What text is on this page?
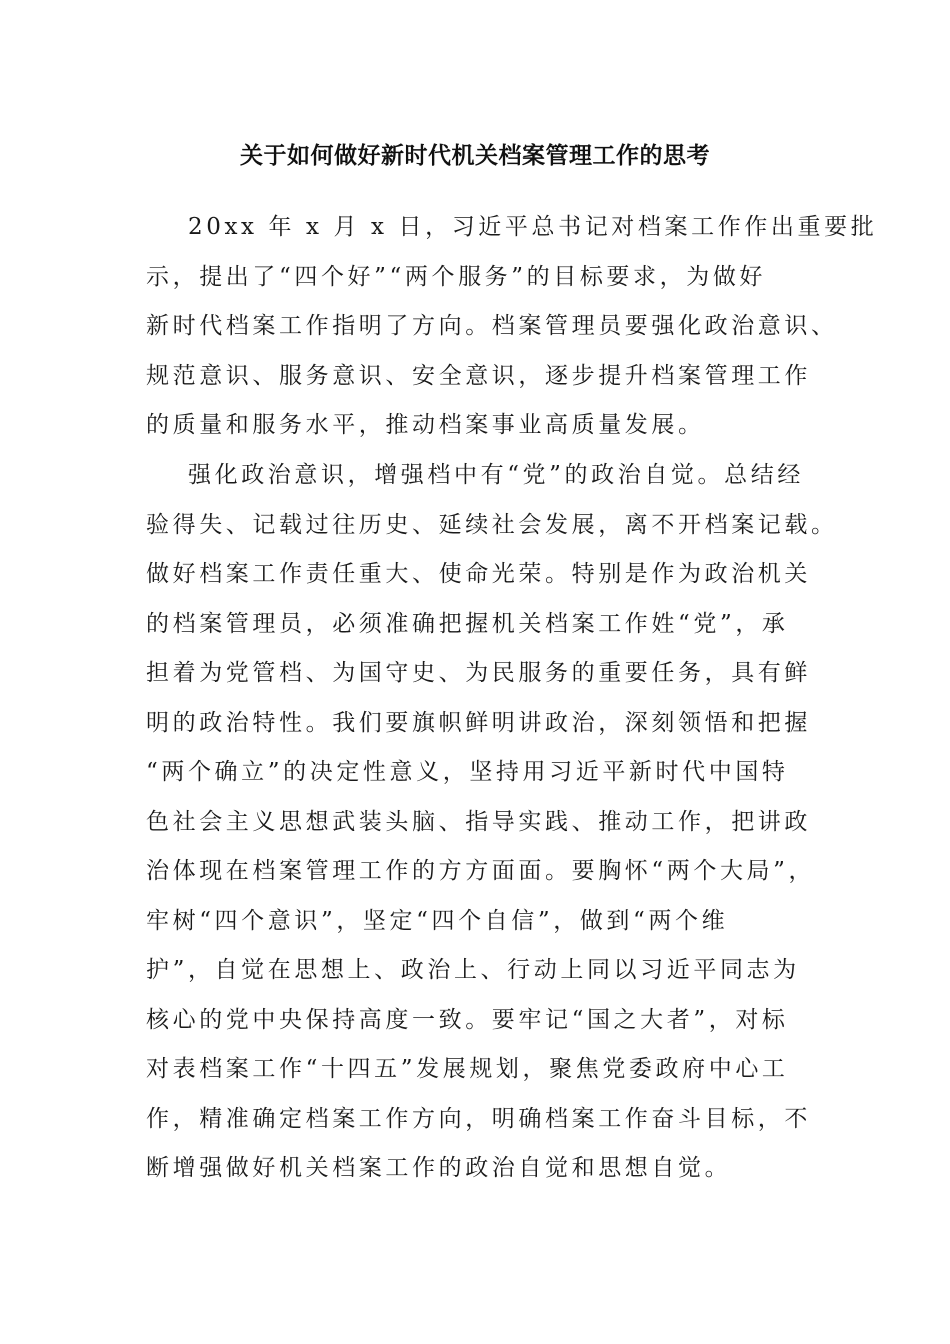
关于如何做好新时代机关档案管理工作的思考
20xx 年 x 月 x 日，习近平总书记对档案工作作出重要批
示，提出了“四个好”“两个服务”的目标要求，为做好
新时代档案工作指明了方向。档案管理员要强化政治意识、
规范意识、服务意识、安全意识，逐步提升档案管理工作
的质量和服务水平，推动档案事业高质量发展。
强化政治意识，增强档中有“党”的政治自觉。总结经
验得失、记载过往历史、延续社会发展，离不开档案记载。
做好档案工作责任重大、使命光荣。特别是作为政治机关
的档案管理员，必须准确把握机关档案工作姓“党”，承
担着为党管档、为国守史、为民服务的重要任务，具有鲜
明的政治特性。我们要旗帜鲜明讲政治，深刻领悟和把握
“两个确立”的决定性意义，坚持用习近平新时代中国特
色社会主义思想武装头脑、指导实践、推动工作，把讲政
治体现在档案管理工作的方方面面。要胸怀“两个大局”，
牢树“四个意识”，坚定“四个自信”，做到“两个维
护”，自觉在思想上、政治上、行动上同以习近平同志为
核心的党中央保持高度一致。要牢记“国之大者”，对标
对表档案工作“十四五”发展规划，聚焦党委政府中心工
作，精准确定档案工作方向，明确档案工作奋斗目标，不
断增强做好机关档案工作的政治自觉和思想自觉。
